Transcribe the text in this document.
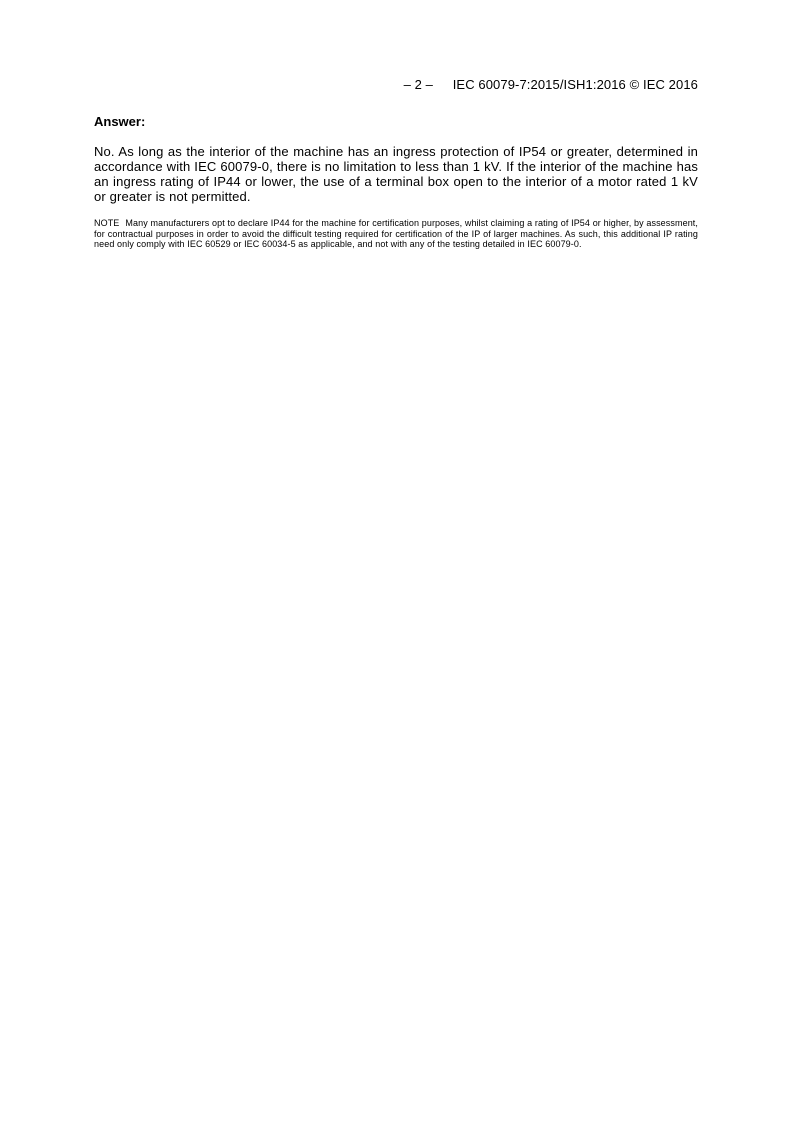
– 2 – IEC 60079-7:2015/ISH1:2016 © IEC 2016

Answer:

No. As long as the interior of the machine has an ingress protection of IP54 or greater, determined in accordance with IEC 60079-0, there is no limitation to less than 1 kV. If the interior of the machine has an ingress rating of IP44 or lower, the use of a terminal box open to the interior of a motor rated 1 kV or greater is not permitted.

NOTE Many manufacturers opt to declare IP44 for the machine for certification purposes, whilst claiming a rating of IP54 or higher, by assessment, for contractual purposes in order to avoid the difficult testing required for certification of the IP of larger machines. As such, this additional IP rating need only comply with IEC 60529 or IEC 60034-5 as applicable, and not with any of the testing detailed in IEC 60079-0.
